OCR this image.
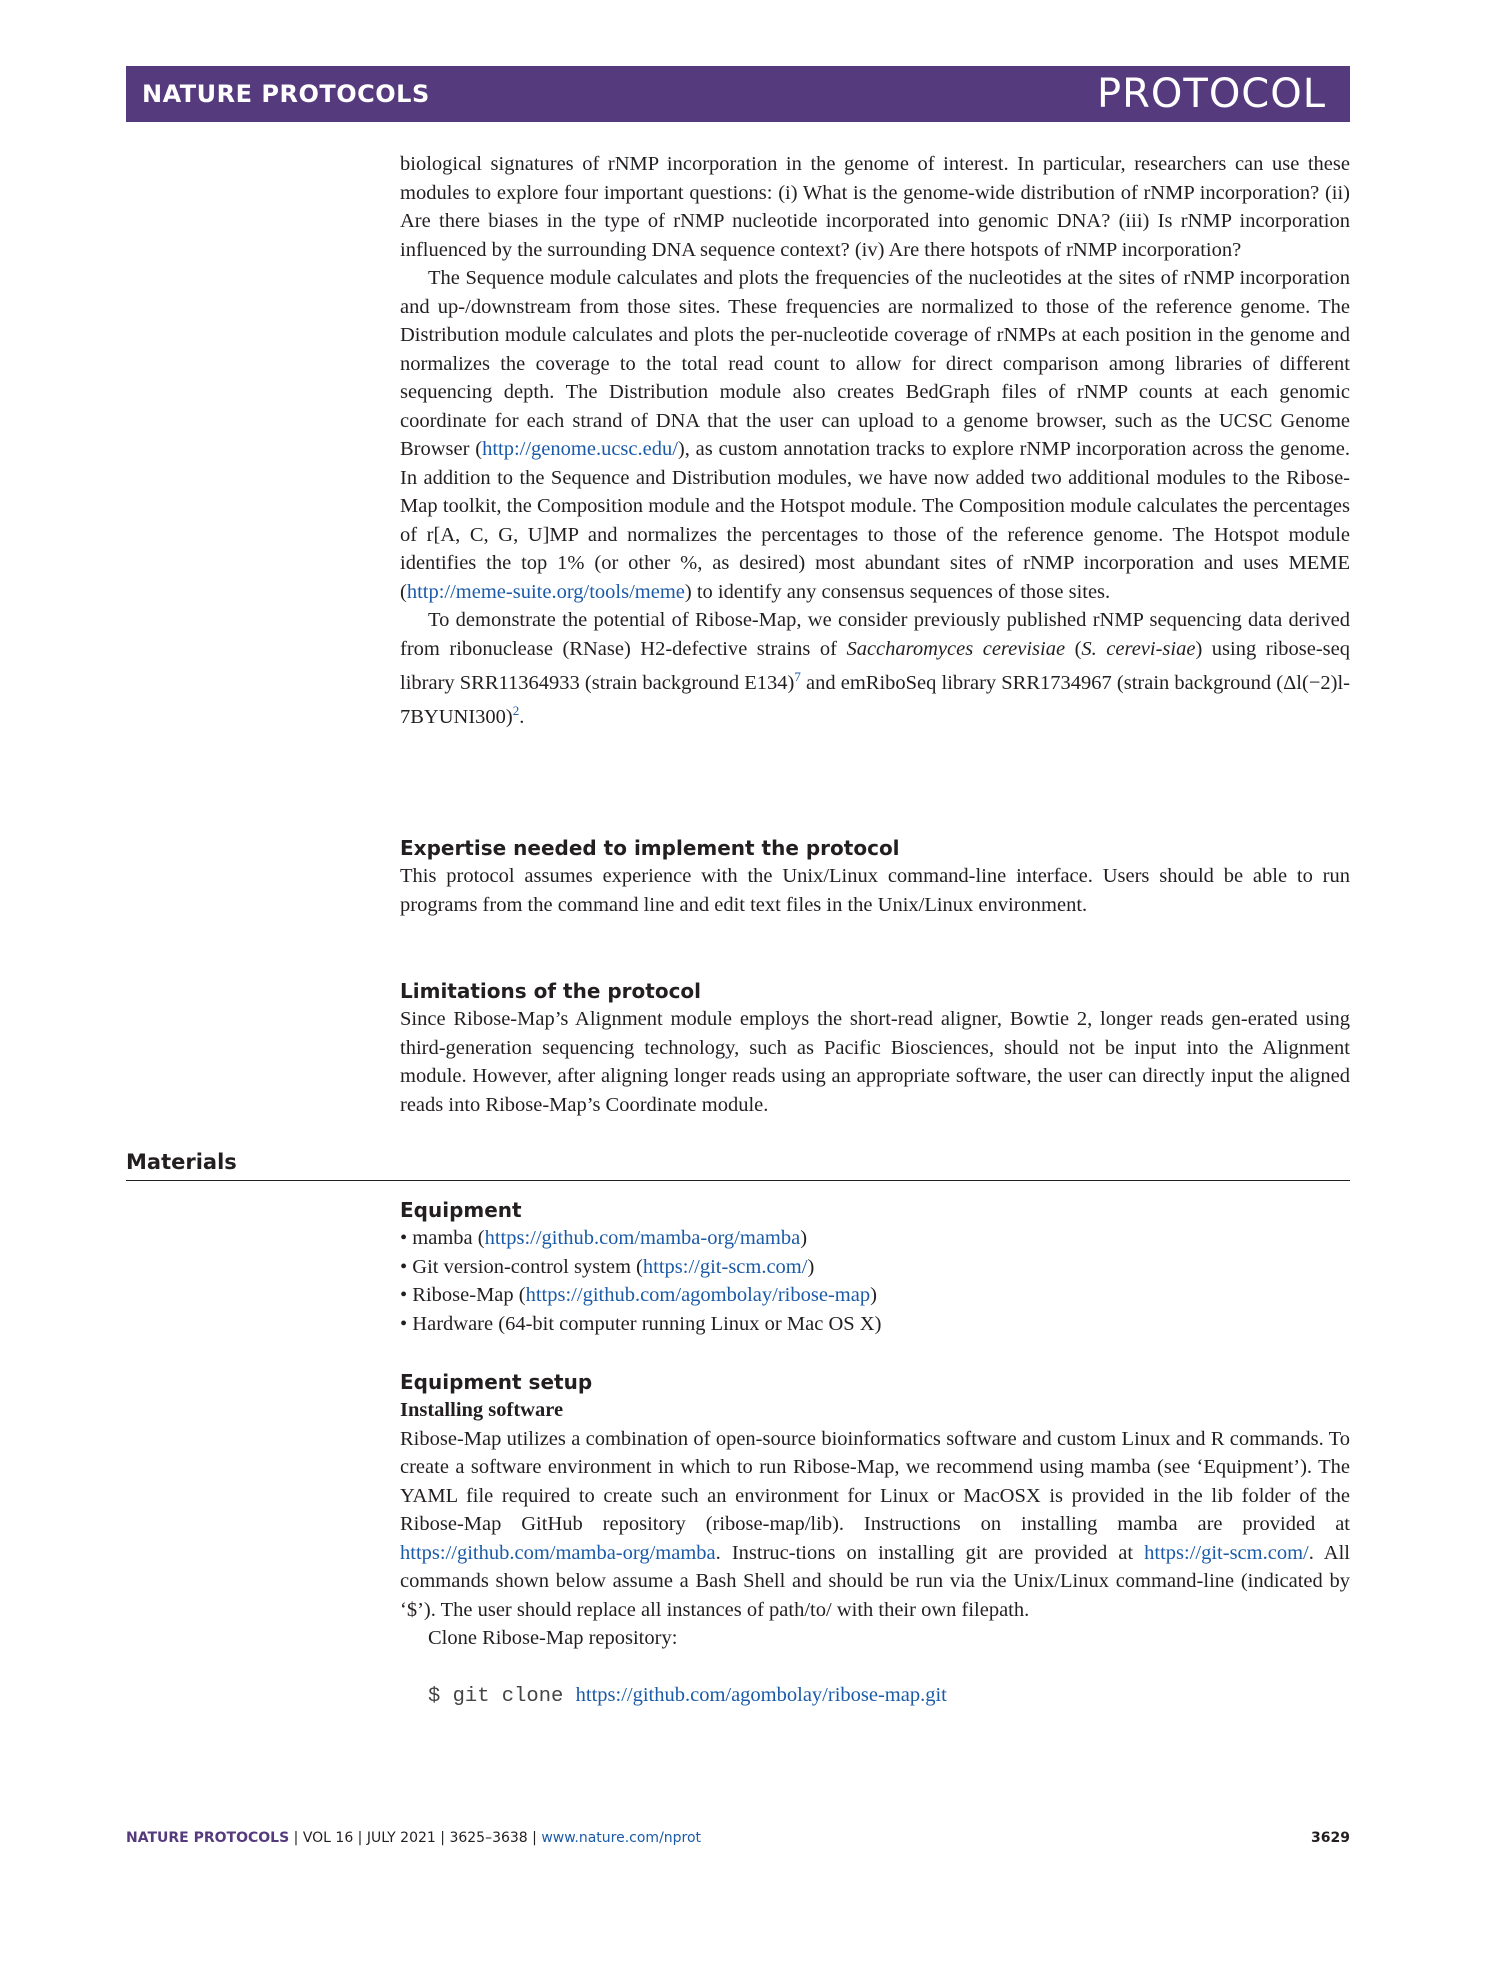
NATURE PROTOCOLS	PROTOCOL

biological signatures of rNMP incorporation in the genome of interest. In particular, researchers can use these modules to explore four important questions: (i) What is the genome-wide distribution of rNMP incorporation? (ii) Are there biases in the type of rNMP nucleotide incorporated into genomic DNA? (iii) Is rNMP incorporation influenced by the surrounding DNA sequence context? (iv) Are there hotspots of rNMP incorporation?

The Sequence module calculates and plots the frequencies of the nucleotides at the sites of rNMP incorporation and up-/downstream from those sites. These frequencies are normalized to those of the reference genome. The Distribution module calculates and plots the per-nucleotide coverage of rNMPs at each position in the genome and normalizes the coverage to the total read count to allow for direct comparison among libraries of different sequencing depth. The Distribution module also creates BedGraph files of rNMP counts at each genomic coordinate for each strand of DNA that the user can upload to a genome browser, such as the UCSC Genome Browser (http://genome.ucsc.edu/), as custom annotation tracks to explore rNMP incorporation across the genome. In addition to the Sequence and Distribution modules, we have now added two additional modules to the Ribose-Map toolkit, the Composition module and the Hotspot module. The Composition module calculates the percentages of r[A, C, G, U]MP and normalizes the percentages to those of the reference genome. The Hotspot module identifies the top 1% (or other %, as desired) most abundant sites of rNMP incorporation and uses MEME (http://meme-suite.org/tools/meme) to identify any consensus sequences of those sites.

To demonstrate the potential of Ribose-Map, we consider previously published rNMP sequencing data derived from ribonuclease (RNase) H2-defective strains of Saccharomyces cerevisiae (S. cerevi-siae) using ribose-seq library SRR11364933 (strain background E134)$^7$ and emRiboSeq library SRR1734967 (strain background (Δl(−2)l-7BYUNI300)$^2$.

Expertise needed to implement the protocol

This protocol assumes experience with the Unix/Linux command-line interface. Users should be able to run programs from the command line and edit text files in the Unix/Linux environment.

Limitations of the protocol

Since Ribose-Map’s Alignment module employs the short-read aligner, Bowtie 2, longer reads gen-erated using third-generation sequencing technology, such as Pacific Biosciences, should not be input into the Alignment module. However, after aligning longer reads using an appropriate software, the user can directly input the aligned reads into Ribose-Map’s Coordinate module.

Materials
Equipment
• mamba (https://github.com/mamba-org/mamba)
• Git version-control system (https://git-scm.com/)
• Ribose-Map (https://github.com/agombolay/ribose-map)
• Hardware (64-bit computer running Linux or Mac OS X)
Equipment setup

Installing software

Ribose-Map utilizes a combination of open-source bioinformatics software and custom Linux and R commands. To create a software environment in which to run Ribose-Map, we recommend using mamba (see ‘Equipment’). The YAML file required to create such an environment for Linux or MacOSX is provided in the lib folder of the Ribose-Map GitHub repository (ribose-map/lib). Instructions on installing mamba are provided at https://github.com/mamba-org/mamba. Instruc-tions on installing git are provided at https://git-scm.com/. All commands shown below assume a Bash Shell and should be run via the Unix/Linux command-line (indicated by ‘$’). The user should replace all instances of path/to/ with their own filepath.

Clone Ribose-Map repository:

$ git clone https://github.com/agombolay/ribose-map.git

NATURE PROTOCOLS | VOL 16 | JULY 2021 | 3625–3638 | www.nature.com/nprot	3629
